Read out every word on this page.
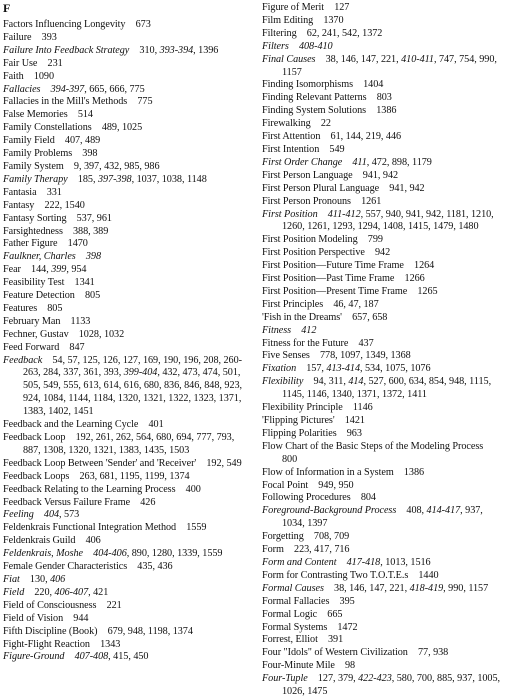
F
Factors Influencing Longevity  673
Failure  393
Failure Into Feedback Strategy  310, 393-394, 1396
Fair Use  231
Faith  1090
Fallacies  394-397, 665, 666, 775
Fallacies in the Mill's Methods  775
False Memories  514
Family Constellations  489, 1025
Family Field  407, 489
Family Problems  398
Family System  9, 397, 432, 985, 986
Family Therapy  185, 397-398, 1037, 1038, 1148
Fantasia  331
Fantasy  222, 1540
Fantasy Sorting  537, 961
Farsightedness  388, 389
Father Figure  1470
Faulkner, Charles  398
Fear  144, 399, 954
Feasibility Test  1341
Feature Detection  805
Features  805
February Man  1133
Fechner, Gustav  1028, 1032
Feed Forward  847
Feedback  54, 57, 125, 126, 127, 169, 190, 196, 208, 260-263, 284, 337, 361, 393, 399-404, 432, 473, 474, 501, 505, 549, 555, 613, 614, 616, 680, 836, 846, 848, 923, 924, 1084, 1144, 1184, 1320, 1321, 1322, 1323, 1371, 1383, 1402, 1451
Feedback and the Learning Cycle  401
Feedback Loop  192, 261, 262, 564, 680, 694, 777, 793, 887, 1308, 1320, 1321, 1383, 1435, 1503
Feedback Loop Between 'Sender' and 'Receiver'  192, 549
Feedback Loops  263, 681, 1195, 1199, 1374
Feedback Relating to the Learning Process  400
Feedback Versus Failure Frame  426
Feeling  404, 573
Feldenkrais Functional Integration Method  1559
Feldenkrais Guild  406
Feldenkrais, Moshe  404-406, 890, 1280, 1339, 1559
Female Gender Characteristics  435, 436
Fiat  130, 406
Field  220, 406-407, 421
Field of Consciousness  221
Field of Vision  944
Fifth Discipline (Book)  679, 948, 1198, 1374
Fight-Flight Reaction  1343
Figure-Ground  407-408, 415, 450
Figure of Merit  127
Film Editing  1370
Filtering  62, 241, 542, 1372
Filters  408-410
Final Causes  38, 146, 147, 221, 410-411, 747, 754, 990, 1157
Finding Isomorphisms  1404
Finding Relevant Patterns  803
Finding System Solutions  1386
Firewalking  22
First Attention  61, 144, 219, 446
First Intention  549
First Order Change  411, 472, 898, 1179
First Person Language  941, 942
First Person Plural Language  941, 942
First Person Pronouns  1261
First Position  411-412, 557, 940, 941, 942, 1181, 1210, 1260, 1261, 1293, 1294, 1408, 1415, 1479, 1480
First Position Modeling  799
First Position Perspective  942
First Position—Future Time Frame  1264
First Position—Past Time Frame  1266
First Position—Present Time Frame  1265
First Principles  46, 47, 187
'Fish in the Dreams'  657, 658
Fitness  412
Fitness for the Future  437
Five Senses  778, 1097, 1349, 1368
Fixation  157, 413-414, 534, 1075, 1076
Flexibility  94, 311, 414, 527, 600, 634, 854, 948, 1115, 1145, 1146, 1340, 1371, 1372, 1411
Flexibility Principle  1146
'Flipping Pictures'  1421
Flipping Polarities  963
Flow Chart of the Basic Steps of the Modeling Process 800
Flow of Information in a System  1386
Focal Point  949, 950
Following Procedures  804
Foreground-Background Process  408, 414-417, 937, 1034, 1397
Forgetting  708, 709
Form  223, 417, 716
Form and Content  417-418, 1013, 1516
Form for Contrasting Two T.O.T.E.s  1440
Formal Causes  38, 146, 147, 221, 418-419, 990, 1157
Formal Fallacies  395
Formal Logic  665
Formal Systems  1472
Forrest, Elliot  391
Four "Idols" of Western Civilization  77, 938
Four-Minute Mile  98
Four-Tuple  127, 379, 422-423, 580, 700, 885, 937, 1005, 1026, 1475
